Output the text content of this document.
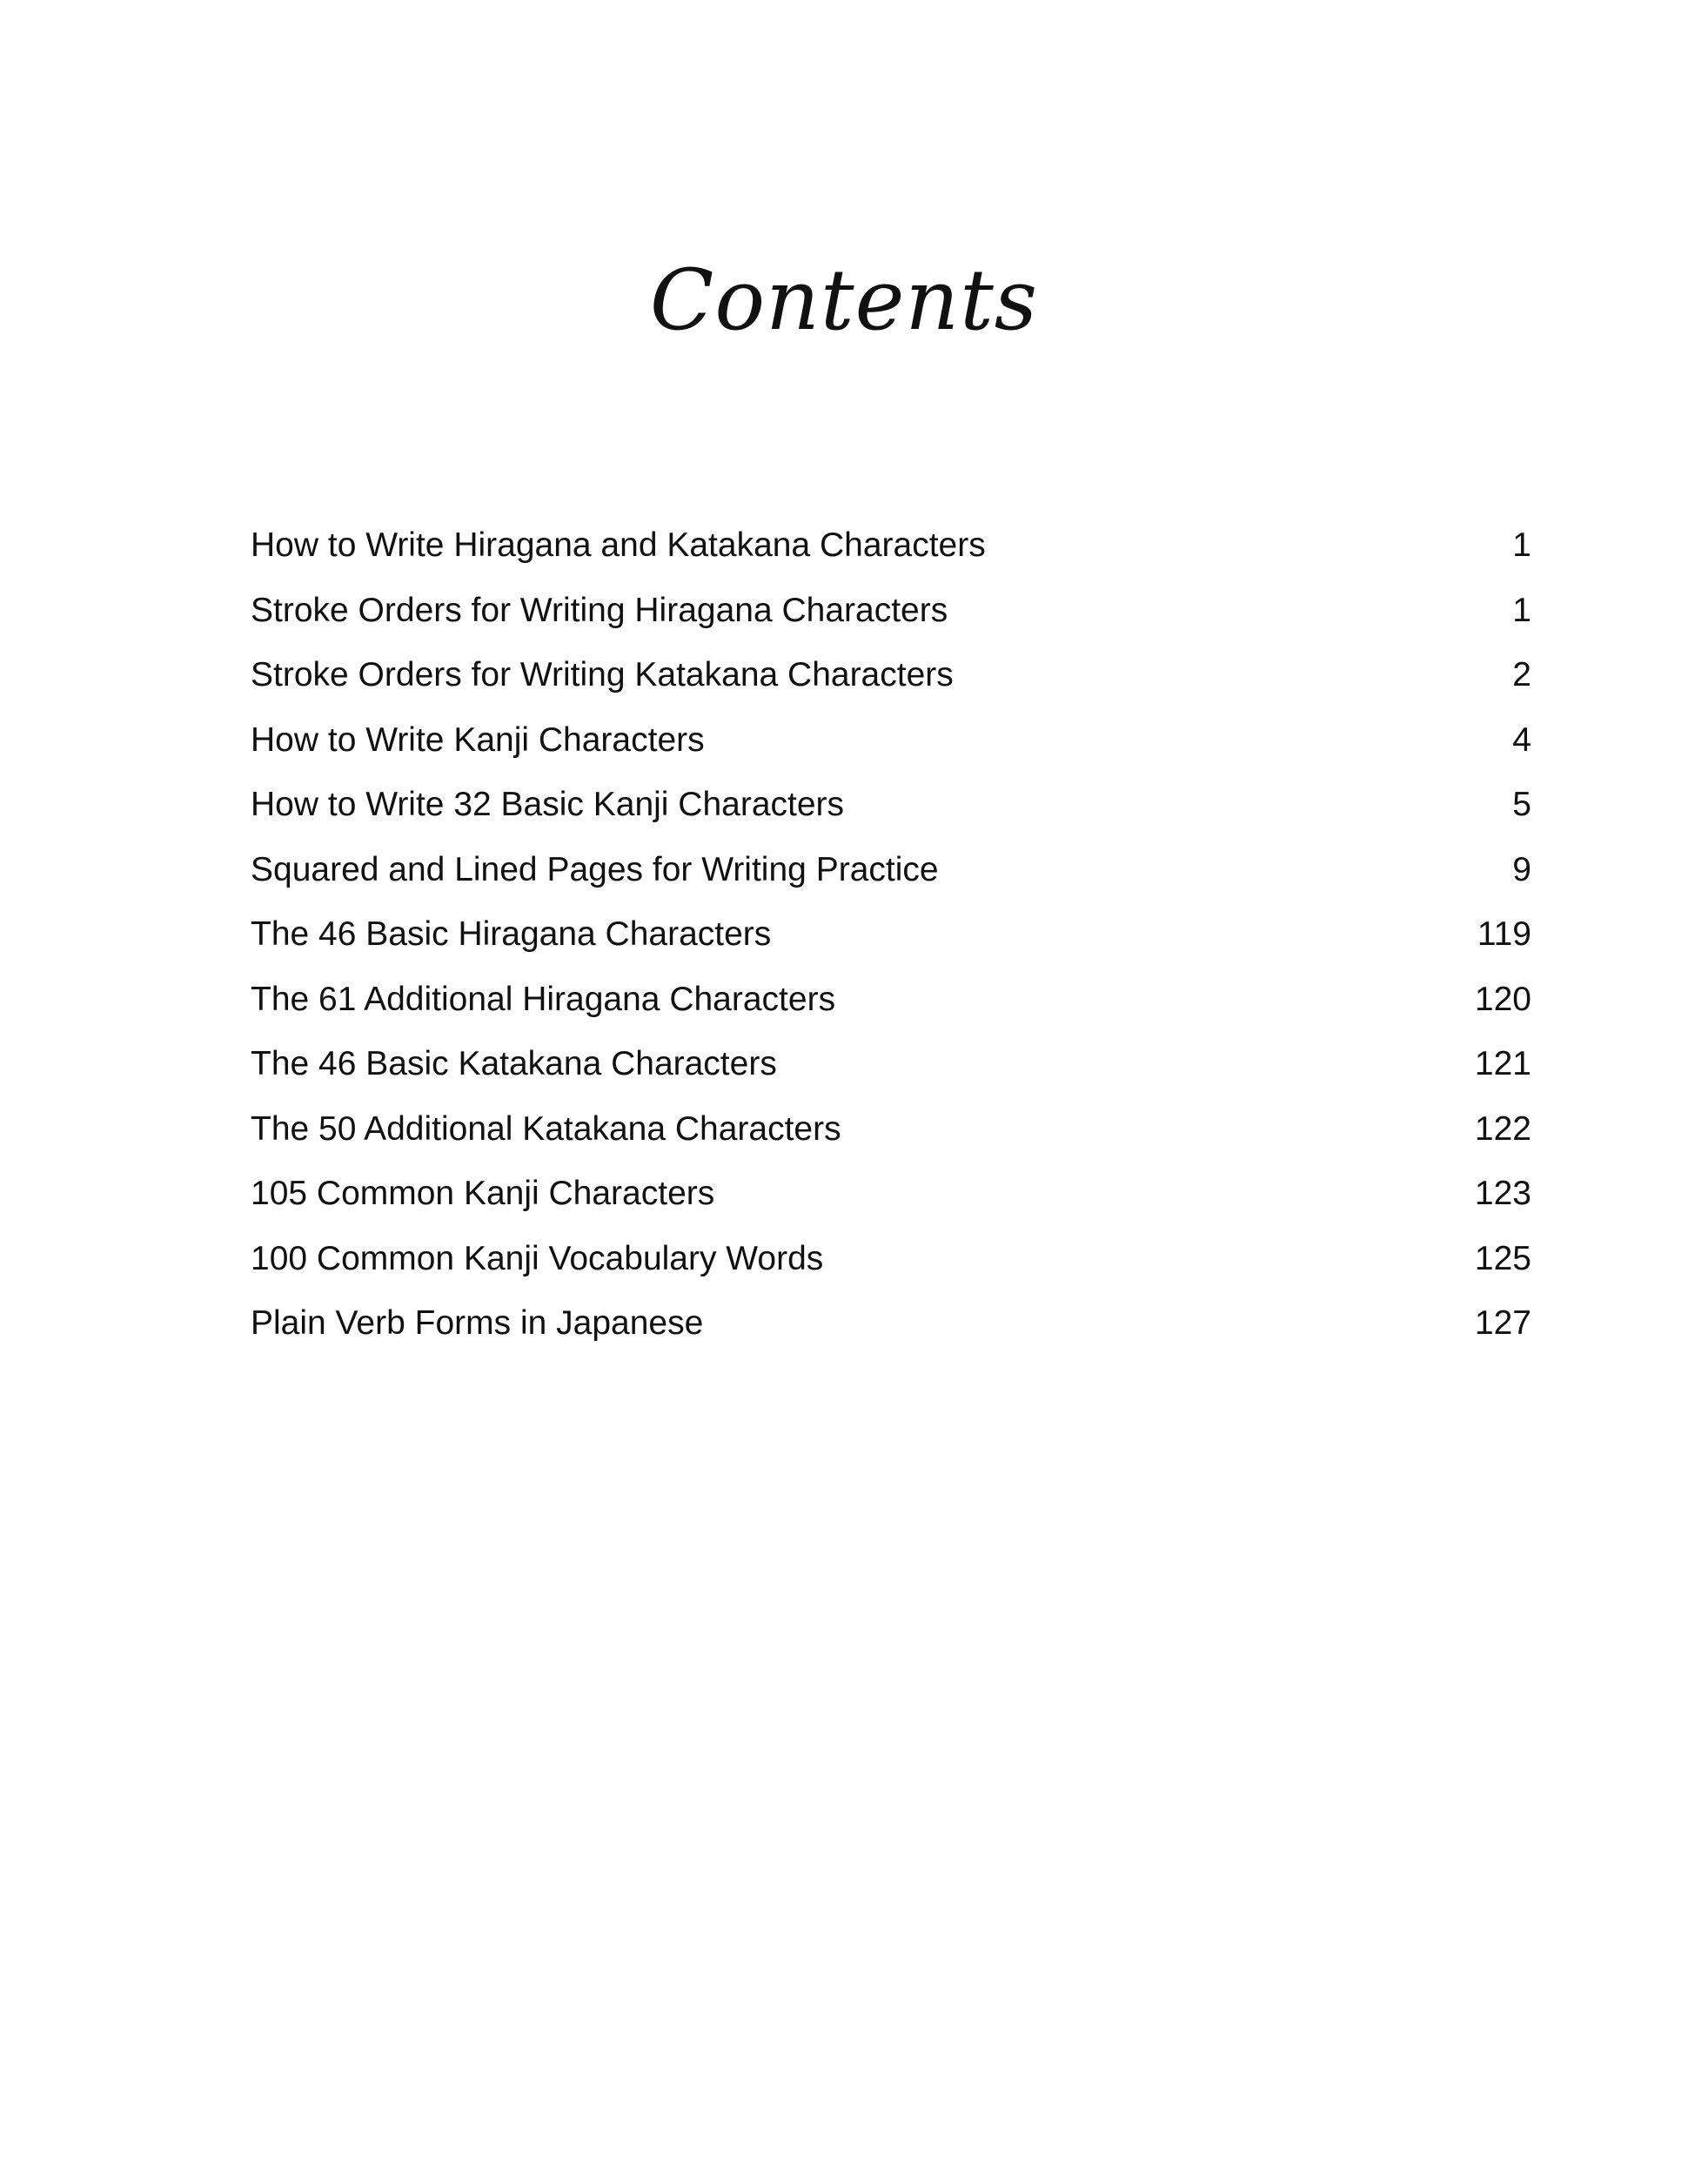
Contents
How to Write Hiragana and Katakana Characters	1
Stroke Orders for Writing Hiragana Characters	1
Stroke Orders for Writing Katakana Characters	2
How to Write Kanji Characters	4
How to Write 32 Basic Kanji Characters	5
Squared and Lined Pages for Writing Practice	9
The 46 Basic Hiragana Characters	119
The 61 Additional Hiragana Characters	120
The 46 Basic Katakana Characters	121
The 50 Additional Katakana Characters	122
105 Common Kanji Characters	123
100 Common Kanji Vocabulary Words	125
Plain Verb Forms in Japanese	127
